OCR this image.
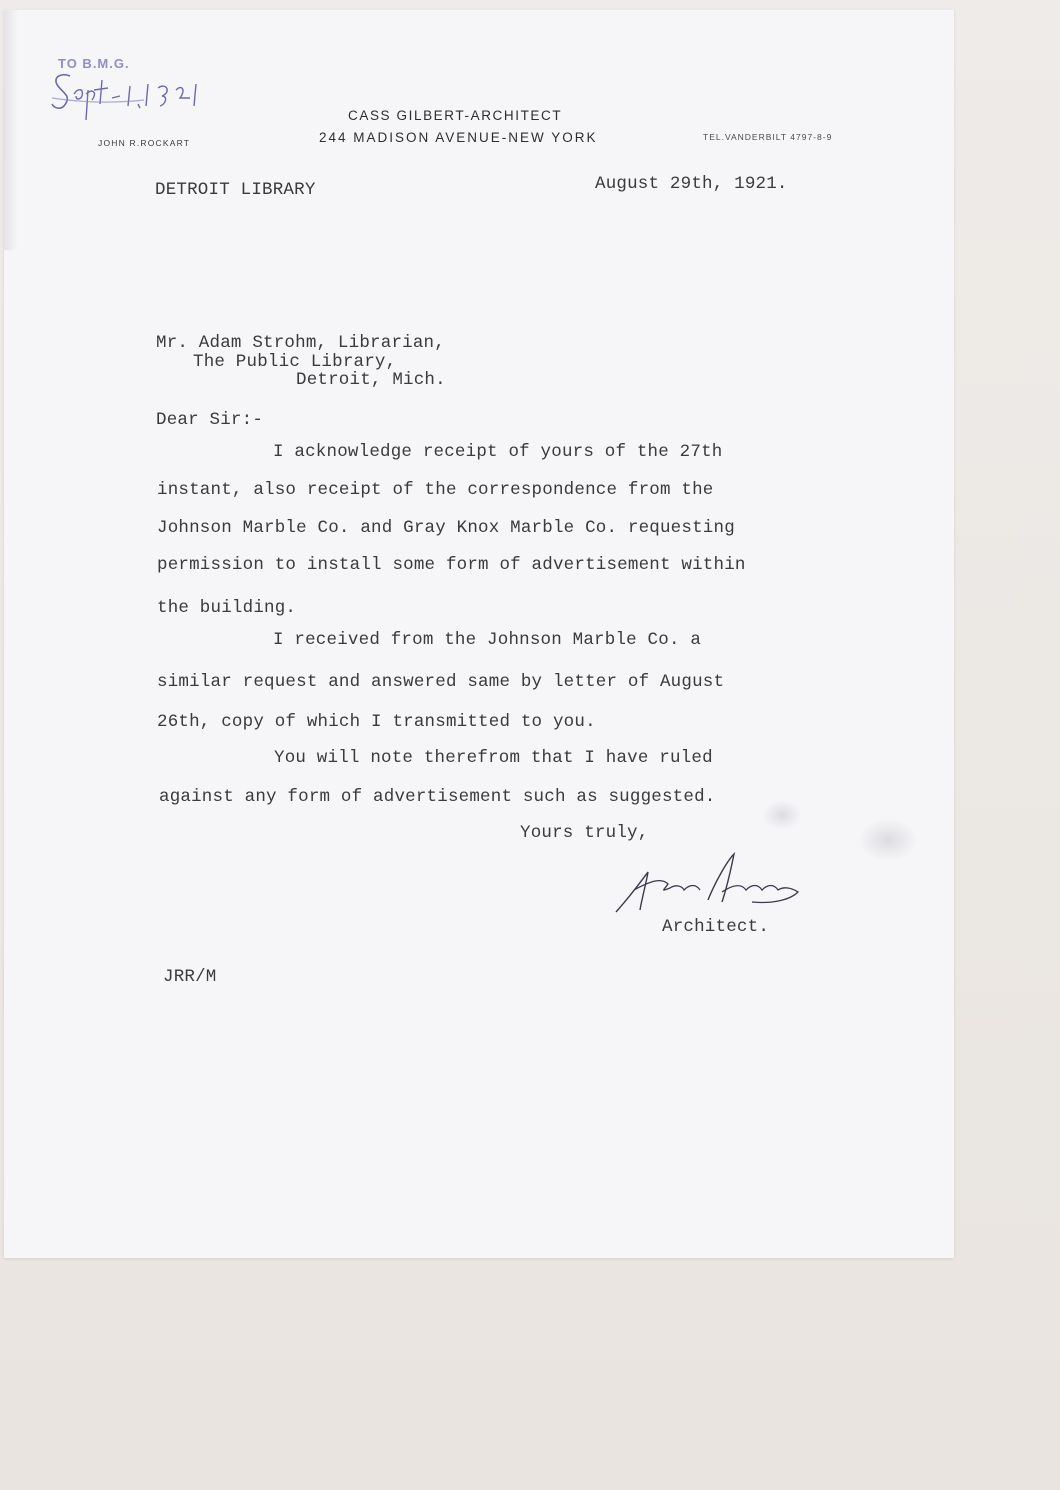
TO B.M.G.
CASS GILBERT-ARCHITECT
244 MADISON AVENUE-NEW YORK
JOHN R.ROCKART
TEL.VANDERBILT 4797-8-9
DETROIT LIBRARY	August 29th, 1921.
Mr. Adam Strohm, Librarian,
The Public Library,
Detroit, Mich.
Dear Sir:-
I acknowledge receipt of yours of the 27th
instant, also receipt of the correspondence from the
Johnson Marble Co. and Gray Knox Marble Co. requesting
permission to install some form of advertisement within
the building.
I received from the Johnson Marble Co. a
similar request and answered same by letter of August
26th, copy of which I transmitted to you.
You will note therefrom that I have ruled
against any form of advertisement such as suggested.
Yours truly,
Architect.
JRR/M
